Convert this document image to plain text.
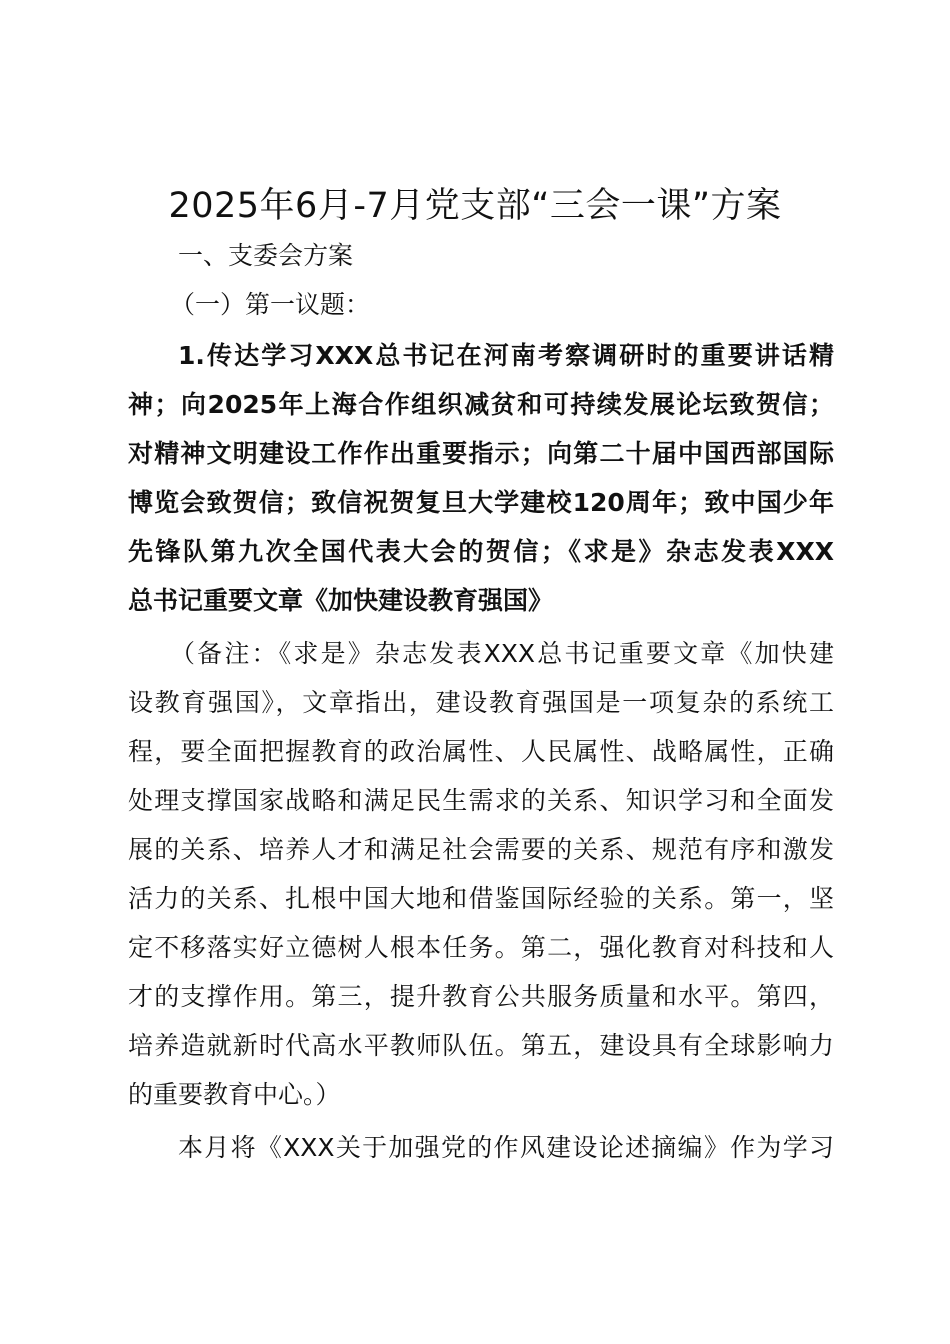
2025年6月-7月党支部“三会一课”方案

一、支委会方案

（一）第一议题：

1.传达学习XXX总书记在河南考察调研时的重要讲话精

神；向2025年上海合作组织减贫和可持续发展论坛致贺信；

对精神文明建设工作作出重要指示；向第二十届中国西部国际

博览会致贺信；致信祝贺复旦大学建校120周年；致中国少年

先锋队第九次全国代表大会的贺信；《求是》杂志发表XXX

总书记重要文章《加快建设教育强国》

（备注：《求是》杂志发表XXX总书记重要文章《加快建

设教育强国》，文章指出，建设教育强国是一项复杂的系统工

程，要全面把握教育的政治属性、人民属性、战略属性，正确

处理支撑国家战略和满足民生需求的关系、知识学习和全面发

展的关系、培养人才和满足社会需要的关系、规范有序和激发

活力的关系、扎根中国大地和借鉴国际经验的关系。第一，坚

定不移落实好立德树人根本任务。第二，强化教育对科技和人

才的支撑作用。第三，提升教育公共服务质量和水平。第四，

培养造就新时代高水平教师队伍。第五，建设具有全球影响力

的重要教育中心。）

本月将《XXX关于加强党的作风建设论述摘编》作为学习
